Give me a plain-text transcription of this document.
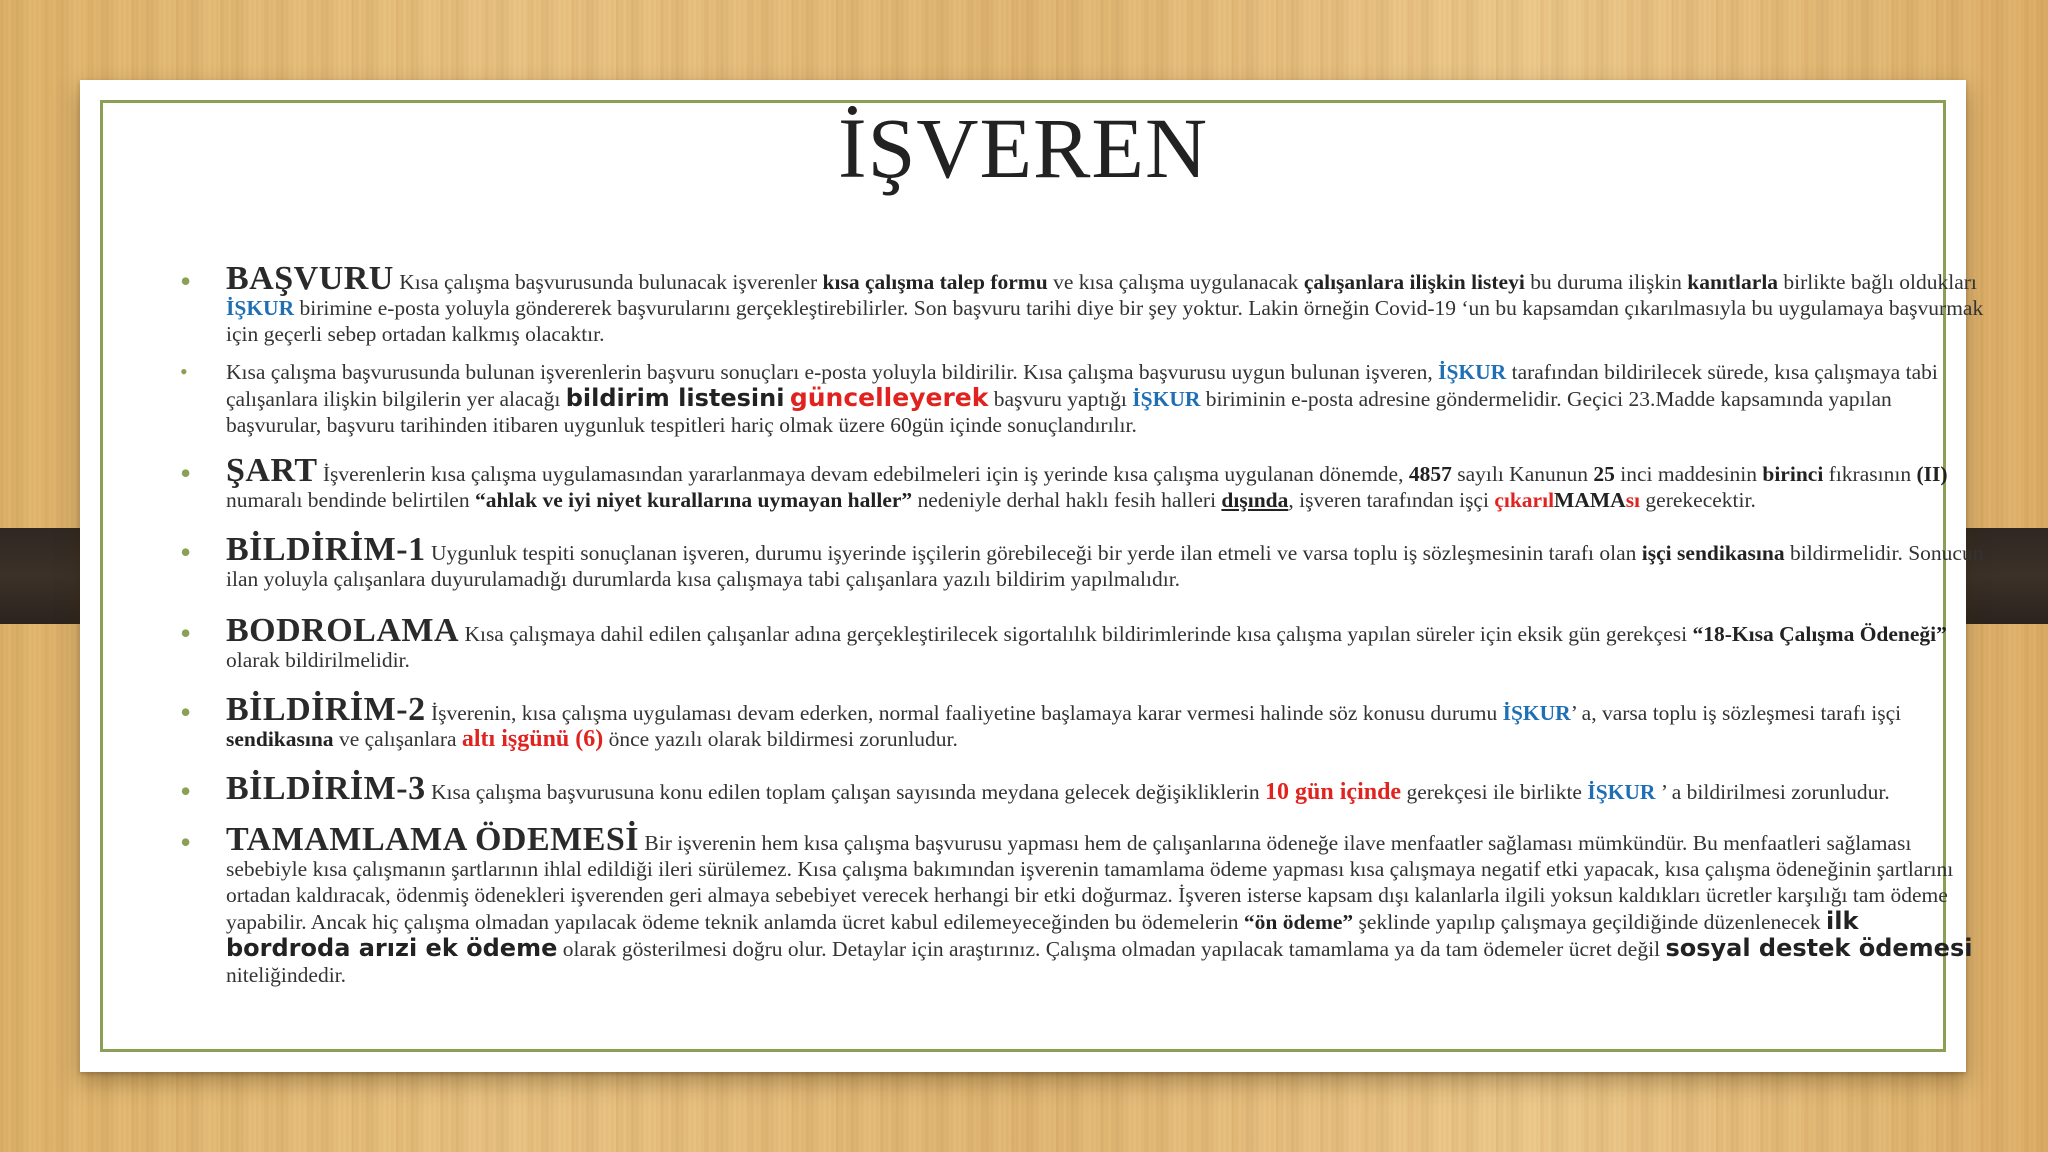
İŞVEREN
• BAŞVURU Kısa çalışma başvurusunda bulunacak işverenler kısa çalışma talep formu ve kısa çalışma uygulanacak çalışanlara ilişkin listeyi bu duruma ilişkin kanıtlarla birlikte bağlı oldukları İŞKUR birimine e-posta yoluyla göndererek başvurularını gerçekleştirebilirler. Son başvuru tarihi diye bir şey yoktur. Lakin örneğin Covid-19 ‘un bu kapsamdan çıkarılmasıyla bu uygulamaya başvurmak için geçerli sebep ortadan kalkmış olacaktır.
• Kısa çalışma başvurusunda bulunan işverenlerin başvuru sonuçları e-posta yoluyla bildirilir. Kısa çalışma başvurusu uygun bulunan işveren, İŞKUR tarafından bildirilecek sürede, kısa çalışmaya tabi çalışanlara ilişkin bilgilerin yer alacağı bildirim listesini güncelleyerek başvuru yaptığı İŞKUR biriminin e-posta adresine göndermelidir. Geçici 23.Madde kapsamında yapılan başvurular, başvuru tarihinden itibaren uygunluk tespitleri hariç olmak üzere 60gün içinde sonuçlandırılır.
• ŞART İşverenlerin kısa çalışma uygulamasından yararlanmaya devam edebilmeleri için iş yerinde kısa çalışma uygulanan dönemde, 4857 sayılı Kanunun 25 inci maddesinin birinci fıkrasının (II) numaralı bendinde belirtilen “ahlak ve iyi niyet kurallarına uymayan haller” nedeniyle derhal haklı fesih halleri dışında, işveren tarafından işçi çıkarılMAMAsı gerekecektir.
• BİLDİRİM-1 Uygunluk tespiti sonuçlanan işveren, durumu işyerinde işçilerin görebileceği bir yerde ilan etmeli ve varsa toplu iş sözleşmesinin tarafı olan işçi sendikasına bildirmelidir. Sonucun ilan yoluyla çalışanlara duyurulamadığı durumlarda kısa çalışmaya tabi çalışanlara yazılı bildirim yapılmalıdır.
• BODROLAMA Kısa çalışmaya dahil edilen çalışanlar adına gerçekleştirilecek sigortalılık bildirimlerinde kısa çalışma yapılan süreler için eksik gün gerekçesi “18-Kısa Çalışma Ödeneği” olarak bildirilmelidir.
• BİLDİRİM-2 İşverenin, kısa çalışma uygulaması devam ederken, normal faaliyetine başlamaya karar vermesi halinde söz konusu durumu İŞKUR’ a, varsa toplu iş sözleşmesi tarafı işçi sendikasına ve çalışanlara altı işgünü (6) önce yazılı olarak bildirmesi zorunludur.
• BİLDİRİM-3 Kısa çalışma başvurusuna konu edilen toplam çalışan sayısında meydana gelecek değişikliklerin 10 gün içinde gerekçesi ile birlikte İŞKUR ’ a bildirilmesi zorunludur.
• TAMAMLAMA ÖDEMESİ Bir işverenin hem kısa çalışma başvurusu yapması hem de çalışanlarına ödeneğe ilave menfaatler sağlaması mümkündür. Bu menfaatleri sağlaması sebebiyle kısa çalışmanın şartlarının ihlal edildiği ileri sürülemez. Kısa çalışma bakımından işverenin tamamlama ödeme yapması kısa çalışmaya negatif etki yapacak, kısa çalışma ödeneğinin şartlarını ortadan kaldıracak, ödenmiş ödenekleri işverenden geri almaya sebebiyet verecek herhangi bir etki doğurmaz. İşveren isterse kapsam dışı kalanlarla ilgili yoksun kaldıkları ücretler karşılığı tam ödeme yapabilir. Ancak hiç çalışma olmadan yapılacak ödeme teknik anlamda ücret kabul edilemeyeceğinden bu ödemelerin “ön ödeme” şeklinde yapılıp çalışmaya geçildiğinde düzenlenecek ilk bordroda arızi ek ödeme olarak gösterilmesi doğru olur. Detaylar için araştırınız. Çalışma olmadan yapılacak tamamlama ya da tam ödemeler ücret değil sosyal destek ödemesi niteliğindedir.
